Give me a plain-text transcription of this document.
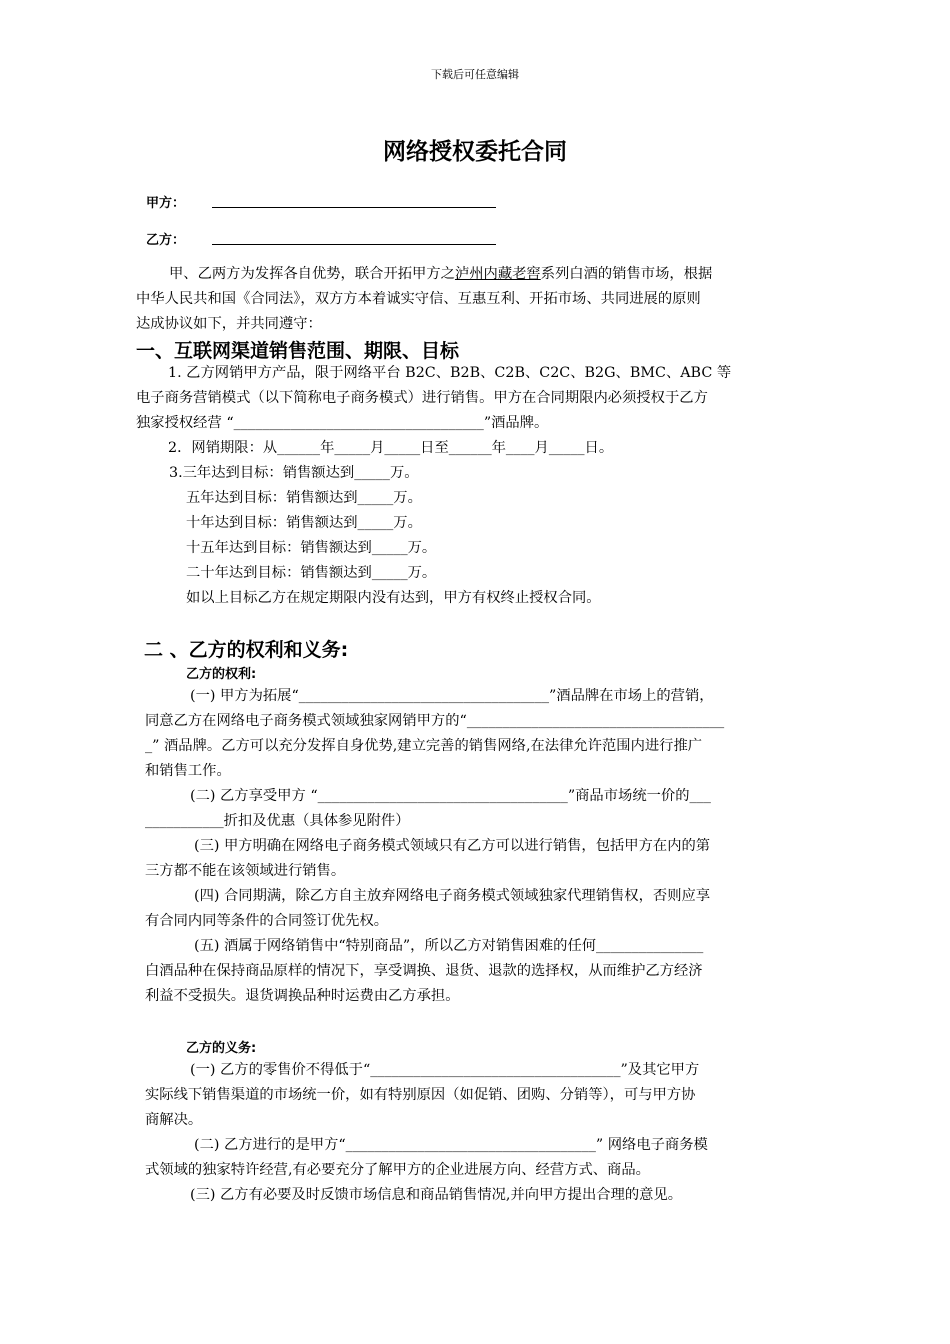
下载后可任意编辑
网络授权委托合同
甲方：
乙方：
甲、乙两方为发挥各自优势，联合开拓甲方之泸州内藏老窖系列白酒的销售市场，根据
中华人民共和国《合同法》，双方方本着诚实守信、互惠互利、开拓市场、共同进展的原则
达成协议如下，并共同遵守：
一、互联网渠道销售范围、期限、目标
1. 乙方网销甲方产品，限于网络平台 B2C、B2B、C2B、C2C、B2G、BMC、ABC 等
电子商务营销模式（以下简称电子商务模式）进行销售。甲方在合同期限内必须授权于乙方
独家授权经营 “___________________________________”酒品牌。
2．网销期限：从______年_____月_____日至______年____月_____日。
3.三年达到目标：销售额达到_____万。
五年达到目标：销售额达到_____万。
十年达到目标：销售额达到_____万。
十五年达到目标：销售额达到_____万。
二十年达到目标：销售额达到_____万。
如以上目标乙方在规定期限内没有达到，甲方有权终止授权合同。
二 、乙方的权利和义务:
乙方的权利:
(一) 甲方为拓展“___________________________________”酒品牌在市场上的营销，
同意乙方在网络电子商务模式领域独家网销甲方的“____________________________________
_” 酒品牌。乙方可以充分发挥自身优势,建立完善的销售网络,在法律允许范围内进行推广
和销售工作。
(二) 乙方享受甲方 “___________________________________”商品市场统一价的___
___________折扣及优惠（具体参见附件）
(三) 甲方明确在网络电子商务模式领域只有乙方可以进行销售，包括甲方在内的第
三方都不能在该领域进行销售。
(四) 合同期满，除乙方自主放弃网络电子商务模式领域独家代理销售权，否则应享
有合同内同等条件的合同签订优先权。
(五) 酒属于网络销售中“特别商品”，所以乙方对销售困难的任何_______________
白酒品种在保持商品原样的情况下，享受调换、退货、退款的选择权，从而维护乙方经济
利益不受损失。退货调换品种时运费由乙方承担。
乙方的义务:
(一) 乙方的零售价不得低于“___________________________________”及其它甲方
实际线下销售渠道的市场统一价，如有特别原因（如促销、团购、分销等），可与甲方协
商解决。
(二) 乙方进行的是甲方“___________________________________” 网络电子商务模
式领域的独家特许经营,有必要充分了解甲方的企业进展方向、经营方式、商品。
(三) 乙方有必要及时反馈市场信息和商品销售情况,并向甲方提出合理的意见。
